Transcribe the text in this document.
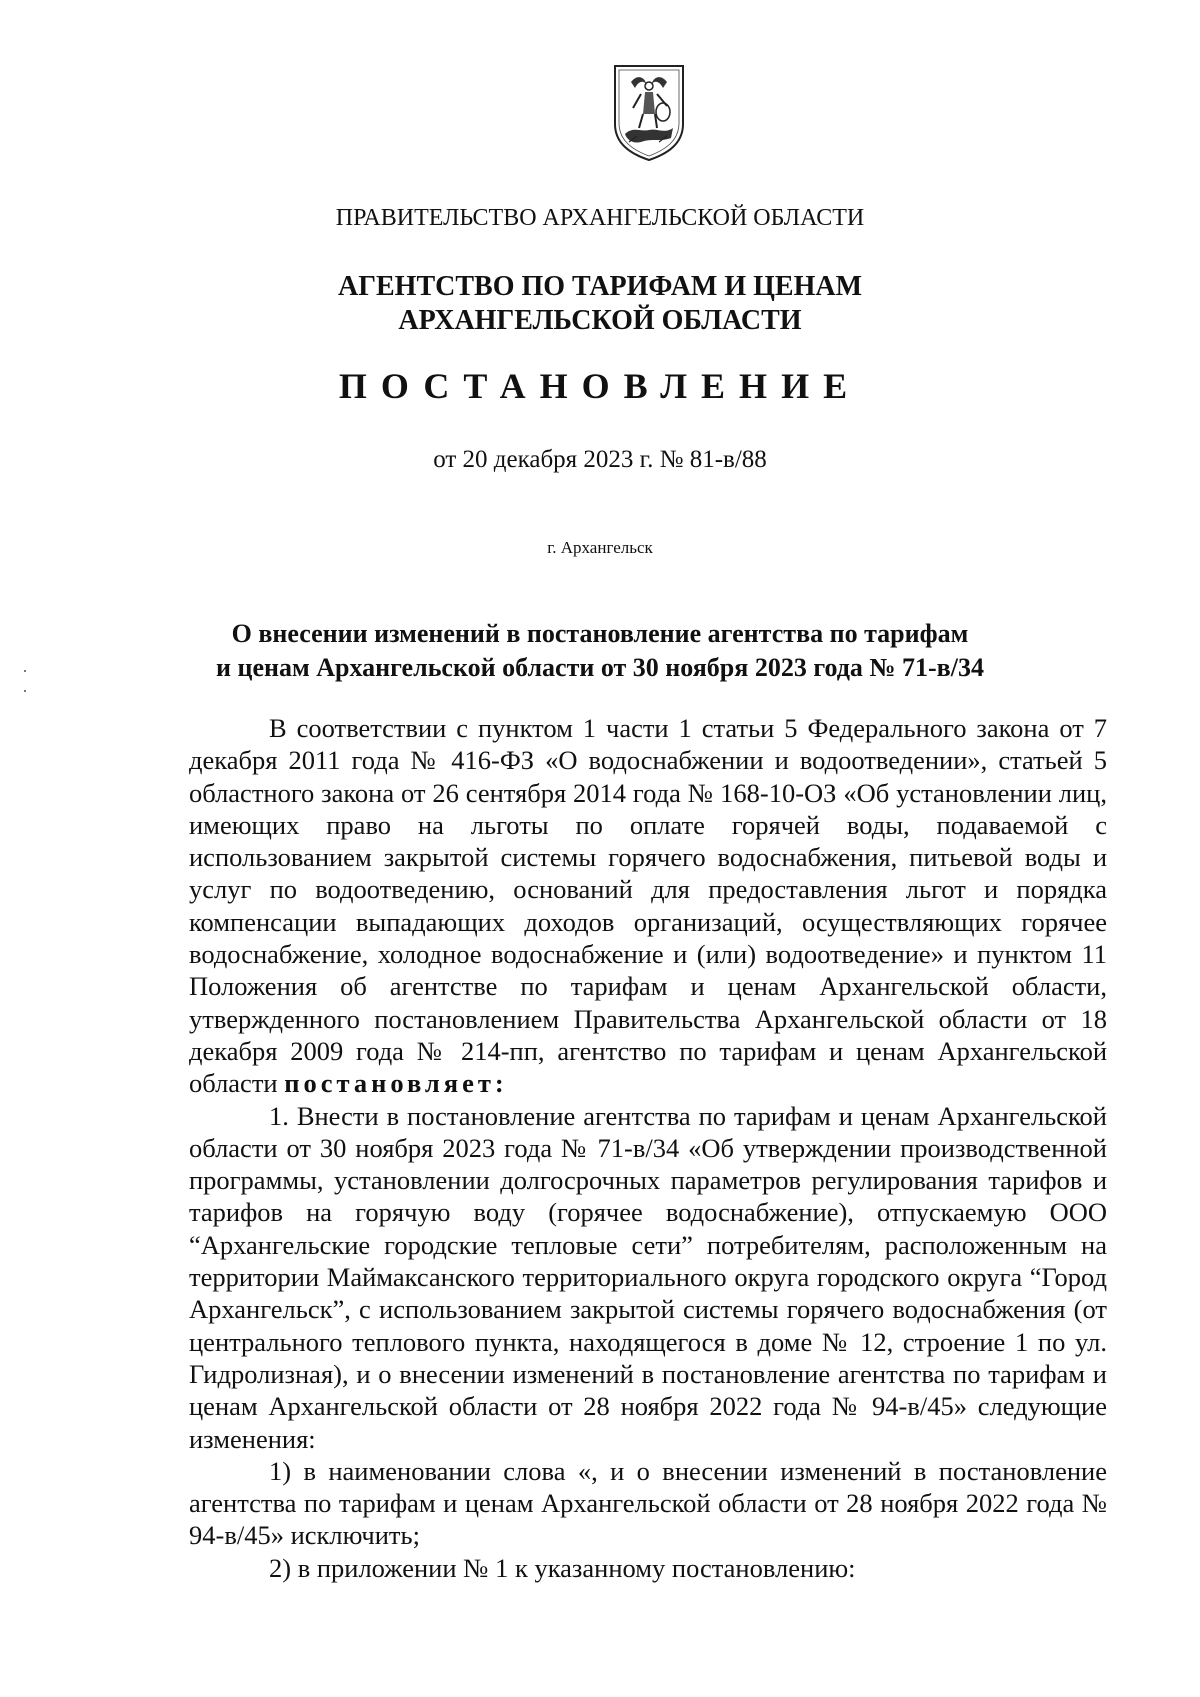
ПРАВИТЕЛЬСТВО АРХАНГЕЛЬСКОЙ ОБЛАСТИ
АГЕНТСТВО ПО ТАРИФАМ И ЦЕНАМ
АРХАНГЕЛЬСКОЙ ОБЛАСТИ
ПОСТАНОВЛЕНИЕ
от 20 декабря 2023 г. № 81-в/88
г. Архангельск
О внесении изменений в постановление агентства по тарифам
и ценам Архангельской области от 30 ноября 2023 года № 71-в/34

В соответствии с пунктом 1 части 1 статьи 5 Федерального закона от 7 декабря 2011 года № 416-ФЗ «О водоснабжении и водоотведении», статьей 5 областного закона от 26 сентября 2014 года № 168-10-ОЗ «Об установлении лиц, имеющих право на льготы по оплате горячей воды, подаваемой с использованием закрытой системы горячего водоснабжения, питьевой воды и услуг по водоотведению, оснований для предоставления льгот и порядка компенсации выпадающих доходов организаций, осуществляющих горячее водоснабжение, холодное водоснабжение и (или) водоотведение» и пунктом 11 Положения об агентстве по тарифам и ценам Архангельской области, утвержденного постановлением Правительства Архангельской области от 18 декабря 2009 года № 214-пп, агентство по тарифам и ценам Архангельской области постановляет:

1. Внести в постановление агентства по тарифам и ценам Архангельской области от 30 ноября 2023 года № 71-в/34 «Об утверждении производственной программы, установлении долгосрочных параметров регулирования тарифов и тарифов на горячую воду (горячее водоснабжение), отпускаемую ООО “Архангельские городские тепловые сети” потребителям, расположенным на территории Маймаксанского территориального округа городского округа “Город Архангельск”, с использованием закрытой системы горячего водоснабжения (от центрального теплового пункта, находящегося в доме № 12, строение 1 по ул. Гидролизная), и о внесении изменений в постановление агентства по тарифам и ценам Архангельской области от 28 ноября 2022 года № 94-в/45» следующие изменения:

1) в наименовании слова «, и о внесении изменений в постановление агентства по тарифам и ценам Архангельской области от 28 ноября 2022 года № 94-в/45» исключить;

2) в приложении № 1 к указанному постановлению:
